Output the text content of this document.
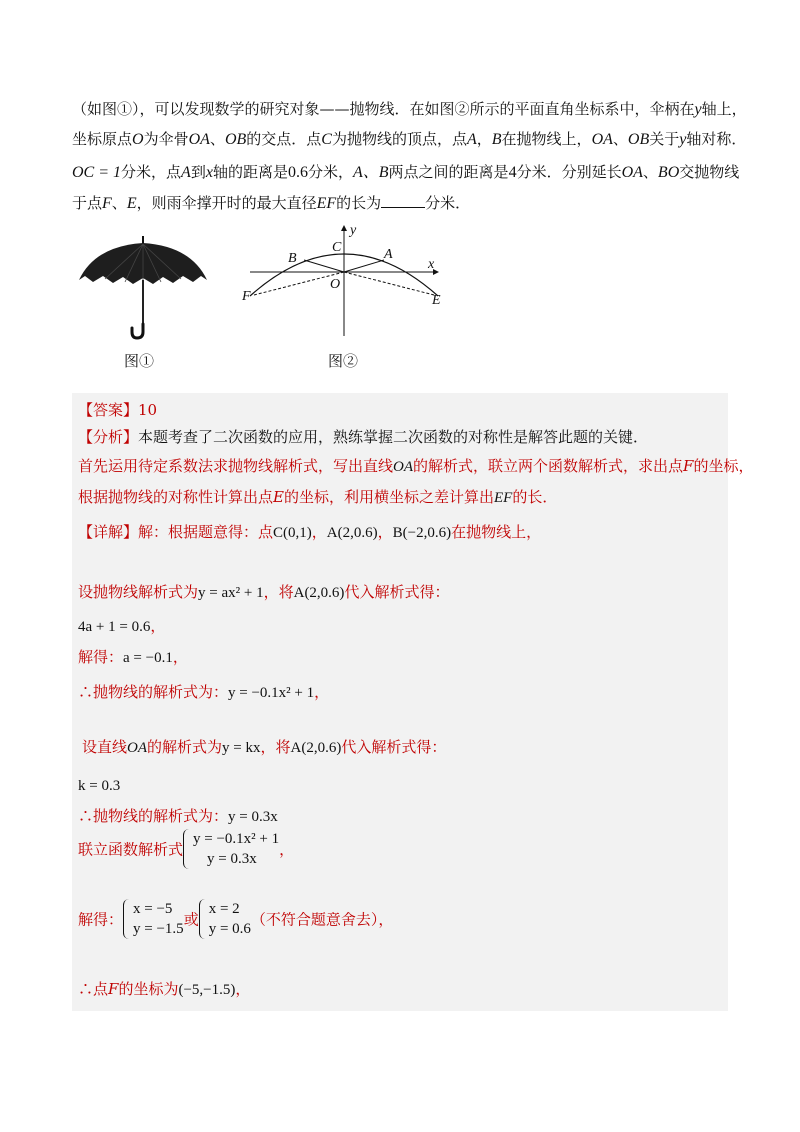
（如图①），可以发现数学的研究对象——抛物线．在如图②所示的平面直角坐标系中，伞柄在y轴上，
坐标原点O为伞骨OA、OB的交点．点C为抛物线的顶点，点A，B在抛物线上，OA、OB关于y轴对称．
OC = 1分米，点A到x轴的距离是0.6分米，A、B两点之间的距离是4分米．分别延长OA、BO交抛物线
于点F、E，则雨伞撑开时的最大直径EF的长为	分米．
图①
y
x
C	A
B
O
F	E
图②
【答案】10
【分析】本题考查了二次函数的应用，熟练掌握二次函数的对称性是解答此题的关键．
首先运用待定系数法求抛物线解析式，写出直线OA的解析式，联立两个函数解析式，求出点F的坐标，
根据抛物线的对称性计算出点E的坐标，利用横坐标之差计算出EF的长．
【详解】解：根据题意得：点C(0,1)，A(2,0.6)，B(−2,0.6)在抛物线上，
设抛物线解析式为y = ax² + 1，将A(2,0.6)代入解析式得：
4a + 1 = 0.6，
解得：a = −0.1，
∴抛物线的解析式为：y = −0.1x² + 1，
设直线OA的解析式为y = kx，将A(2,0.6)代入解析式得：
k = 0.3
∴抛物线的解析式为：y = 0.3x
联立函数解析式
y = −0.1x² + 1
y = 0.3x
，
解得：
x = −5
y = −1.5
或
x = 2
y = 0.6
（不符合题意舍去），
∴点F的坐标为(−5,−1.5)，
